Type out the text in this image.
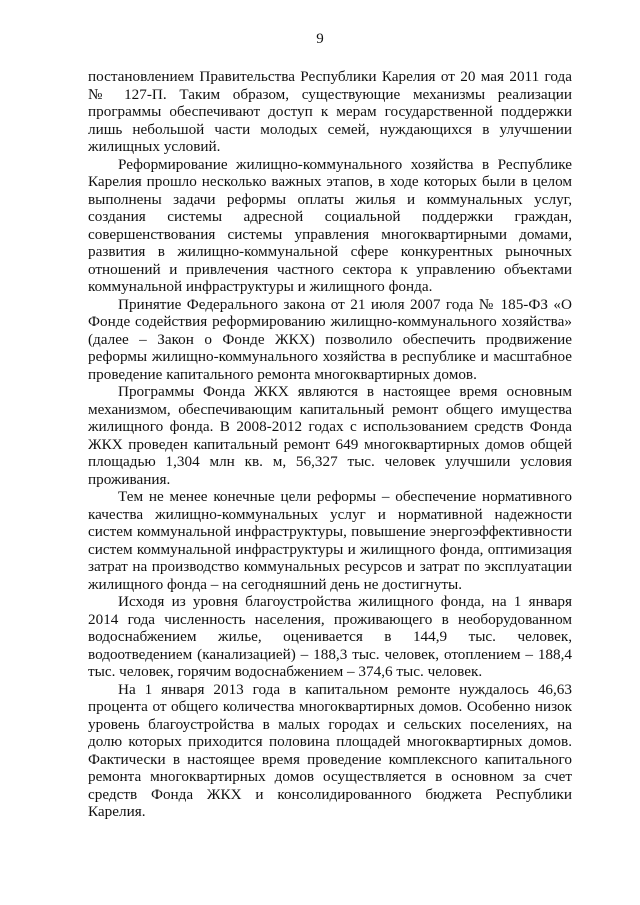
9

постановлением Правительства Республики Карелия от 20 мая 2011 года № 127-П. Таким образом, существующие механизмы реализации программы обеспечивают доступ к мерам государственной поддержки лишь небольшой части молодых семей, нуждающихся в улучшении жилищных условий.

Реформирование жилищно-коммунального хозяйства в Республике Карелия прошло несколько важных этапов, в ходе которых были в целом выполнены задачи реформы оплаты жилья и коммунальных услуг, создания системы адресной социальной поддержки граждан, совершенствования системы управления многоквартирными домами, развития в жилищно-коммунальной сфере конкурентных рыночных отношений и привлечения частного сектора к управлению объектами коммунальной инфраструктуры и жилищного фонда.

Принятие Федерального закона от 21 июля 2007 года № 185-ФЗ «О Фонде содействия реформированию жилищно-коммунального хозяйства» (далее – Закон о Фонде ЖКХ) позволило обеспечить продвижение реформы жилищно-коммунального хозяйства в республике и масштабное проведение капитального ремонта многоквартирных домов.

Программы Фонда ЖКХ являются в настоящее время основным механизмом, обеспечивающим капитальный ремонт общего имущества жилищного фонда. В 2008-2012 годах с использованием средств Фонда ЖКХ проведен капитальный ремонт 649 многоквартирных домов общей площадью 1,304 млн кв. м, 56,327 тыс. человек улучшили условия проживания.

Тем не менее конечные цели реформы – обеспечение нормативного качества жилищно-коммунальных услуг и нормативной надежности систем коммунальной инфраструктуры, повышение энергоэффективности систем коммунальной инфраструктуры и жилищного фонда, оптимизация затрат на производство коммунальных ресурсов и затрат по эксплуатации жилищного фонда – на сегодняшний день не достигнуты.

Исходя из уровня благоустройства жилищного фонда, на 1 января 2014 года численность населения, проживающего в необорудованном водоснабжением жилье, оценивается в 144,9 тыс. человек, водоотведением (канализацией) – 188,3 тыс. человек, отоплением – 188,4 тыс. человек, горячим водоснабжением – 374,6 тыс. человек.

На 1 января 2013 года в капитальном ремонте нуждалось 46,63 процента от общего количества многоквартирных домов. Особенно низок уровень благоустройства в малых городах и сельских поселениях, на долю которых приходится половина площадей многоквартирных домов. Фактически в настоящее время проведение комплексного капитального ремонта многоквартирных домов осуществляется в основном за счет средств Фонда ЖКХ и консолидированного бюджета Республики Карелия.
